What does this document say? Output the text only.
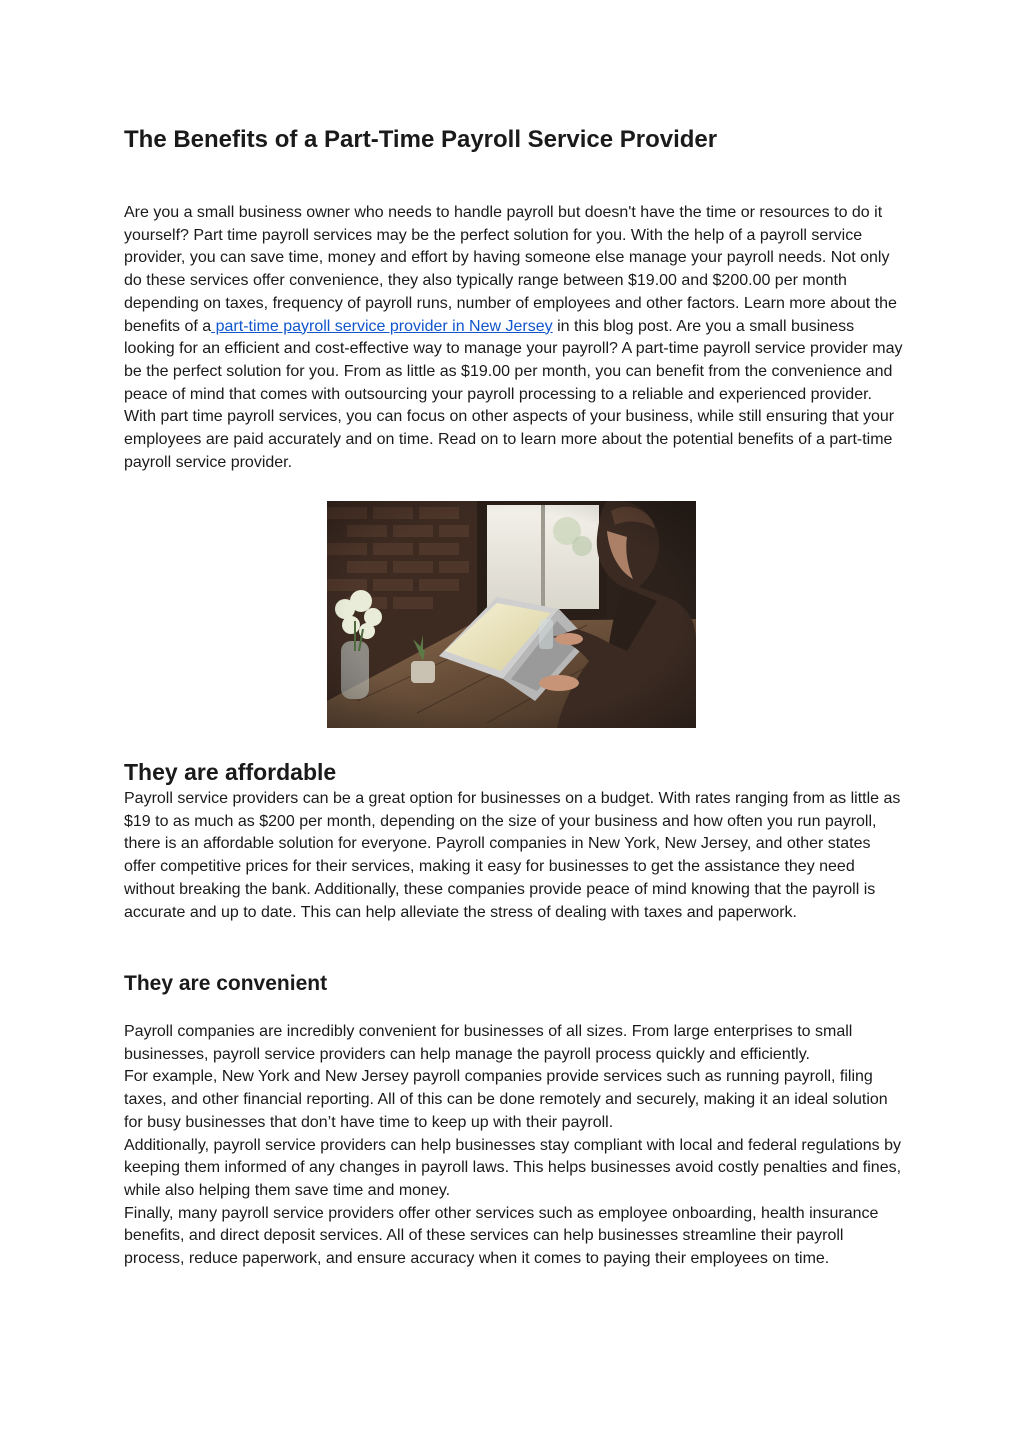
The Benefits of a Part-Time Payroll Service Provider

Are you a small business owner who needs to handle payroll but doesn't have the time or resources to do it yourself? Part time payroll services may be the perfect solution for you. With the help of a payroll service provider, you can save time, money and effort by having someone else manage your payroll needs. Not only do these services offer convenience, they also typically range between $19.00 and $200.00 per month depending on taxes, frequency of payroll runs, number of employees and other factors. Learn more about the benefits of a part-time payroll service provider in New Jersey in this blog post. Are you a small business looking for an efficient and cost-effective way to manage your payroll? A part-time payroll service provider may be the perfect solution for you. From as little as $19.00 per month, you can benefit from the convenience and peace of mind that comes with outsourcing your payroll processing to a reliable and experienced provider. With part time payroll services, you can focus on other aspects of your business, while still ensuring that your employees are paid accurately and on time. Read on to learn more about the potential benefits of a part-time payroll service provider.

They are affordable

Payroll service providers can be a great option for businesses on a budget. With rates ranging from as little as $19 to as much as $200 per month, depending on the size of your business and how often you run payroll, there is an affordable solution for everyone. Payroll companies in New York, New Jersey, and other states offer competitive prices for their services, making it easy for businesses to get the assistance they need without breaking the bank. Additionally, these companies provide peace of mind knowing that the payroll is accurate and up to date. This can help alleviate the stress of dealing with taxes and paperwork.

They are convenient

Payroll companies are incredibly convenient for businesses of all sizes. From large enterprises to small businesses, payroll service providers can help manage the payroll process quickly and efficiently.

For example, New York and New Jersey payroll companies provide services such as running payroll, filing taxes, and other financial reporting. All of this can be done remotely and securely, making it an ideal solution for busy businesses that don’t have time to keep up with their payroll.

Additionally, payroll service providers can help businesses stay compliant with local and federal regulations by keeping them informed of any changes in payroll laws. This helps businesses avoid costly penalties and fines, while also helping them save time and money.

Finally, many payroll service providers offer other services such as employee onboarding, health insurance benefits, and direct deposit services. All of these services can help businesses streamline their payroll process, reduce paperwork, and ensure accuracy when it comes to paying their employees on time.
